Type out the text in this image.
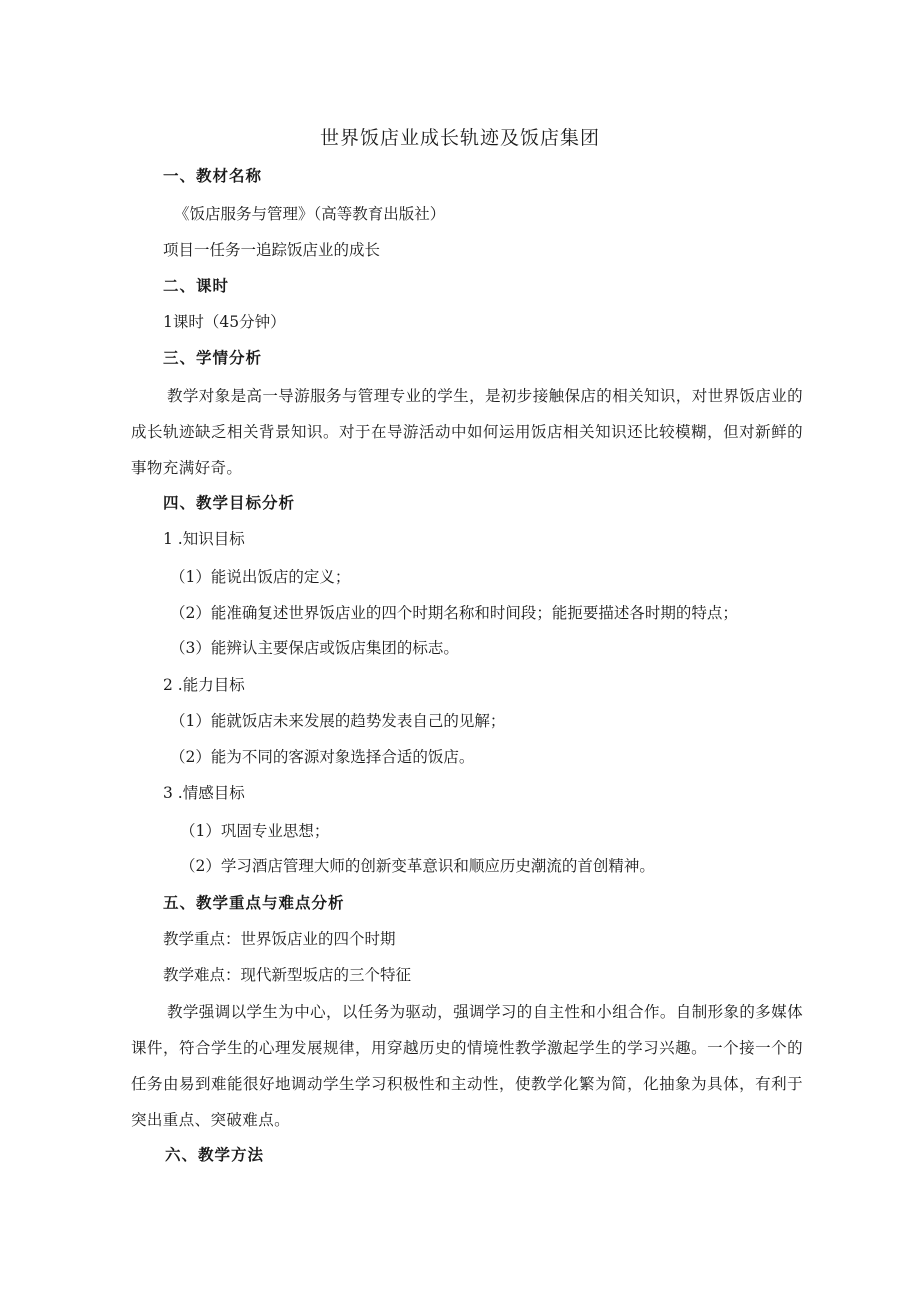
世界饭店业成长轨迹及饭店集团
一、教材名称
《饭店服务与管理》（高等教育出版社）
项目一任务一追踪饭店业的成长
二、课时
1课时（45分钟）
三、学情分析
教学对象是高一导游服务与管理专业的学生，是初步接触保店的相关知识，对世界饭店业的成长轨迹缺乏相关背景知识。对于在导游活动中如何运用饭店相关知识还比较模糊，但对新鲜的事物充满好奇。
四、教学目标分析
1 .知识目标
（1）能说出饭店的定义；
（2）能准确复述世界饭店业的四个时期名称和时间段；能扼要描述各时期的特点；
（3）能辨认主要保店或饭店集团的标志。
2 .能力目标
（1）能就饭店未来发展的趋势发表自己的见解；
（2）能为不同的客源对象选择合适的饭店。
3 .情感目标
（1）巩固专业思想；
（2）学习酒店管理大师的创新变革意识和顺应历史潮流的首创精神。
五、教学重点与难点分析
教学重点：世界饭店业的四个时期
教学难点：现代新型坂店的三个特征
教学强调以学生为中心，以任务为驱动，强调学习的自主性和小组合作。自制形象的多媒体课件，符合学生的心理发展规律，用穿越历史的情境性教学激起学生的学习兴趣。一个接一个的任务由易到难能很好地调动学生学习积极性和主动性，使教学化繁为简，化抽象为具体，有利于突出重点、突破难点。
六、教学方法
